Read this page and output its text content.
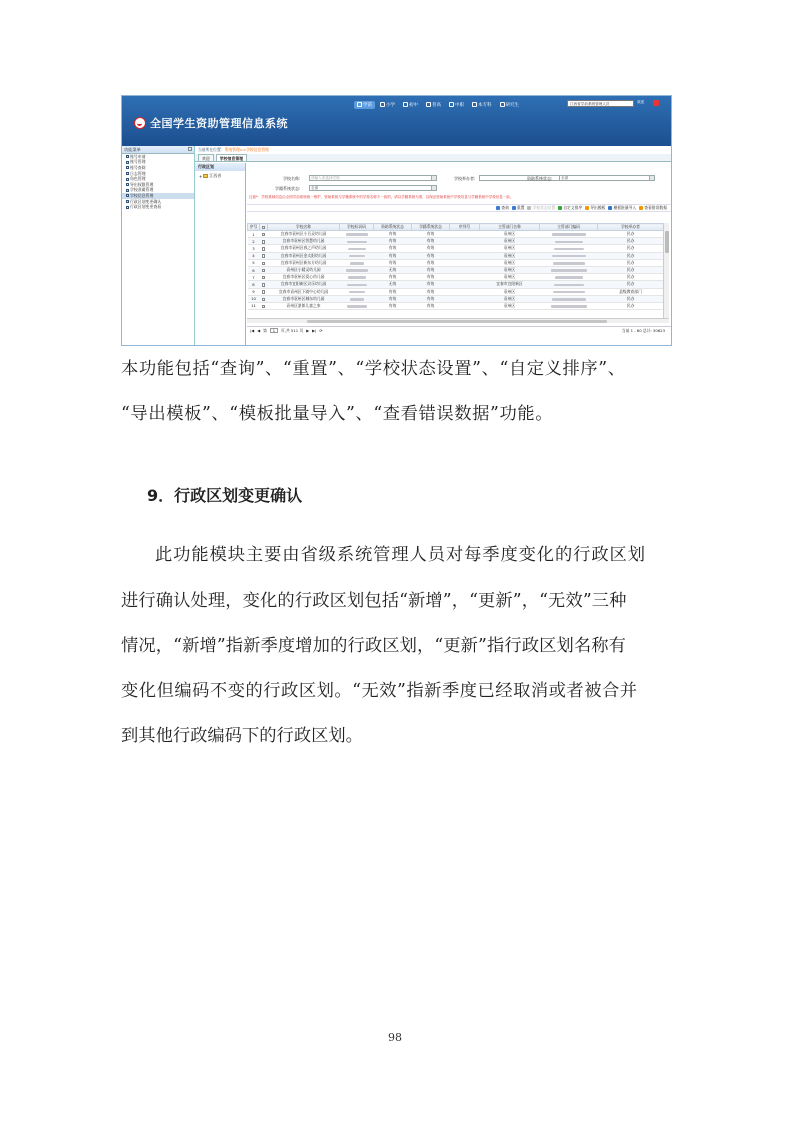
全国学生资助管理信息系统
学前	小学	初中	普高	中职	本专科	研究生	江西省学前系统管理人员	欢迎
功能菜单
账号申请
账号管理
账号查阅
日志管理
角色管理
导出权限管理
学校隶属管理
学校信息管理
行政区划变更确认
行政区划变更查看
当前所在位置：系统管理>>学校信息管理
欢迎	学校信息管理
行政区划
+ 江西省
学校名称:	请输入或选择学校	学校举办者:	资助系统状态:
学籍系统状态:	全部
注意*：学校基础信息由全国学前系统统一维护，资助系统与学籍系统中的学校名称不一致的，请以学籍系统为准，以保证资助系统中学校信息与学籍系统中学校信息一致。
查询 重置 学校状态设置 自定义排序 导出模板 模板批量导入 查看错误数据
序号		学校名称	学校标识码	资助系统状态	学籍系统状态	序列号	主管部门名称	主管部门编码	学校举办者
1		宜春市袁州区小百灵幼儿园		有效	有效		袁州区		民办
2		宜春市袁州区智慧幼儿园		有效	有效		袁州区		民办
3		宜春市袁州区春之声幼儿园		有效	有效		袁州区		民办
4		宜春市袁州区金太阳幼儿园		有效	有效		袁州区		民办
5		宜春市袁州区新东方幼儿园		有效	有效		袁州区		民办
6		袁州区小精灵幼儿园		无效	有效		袁州区		民办
7		宜春市袁州区爱心幼儿园		有效	有效		袁州区		民办
8		宜春市宜阳新区贝乐幼儿园		无效	有效		宜春市宜阳新区		民办
9		宜春市袁州区下浦中心幼儿园		有效	有效		袁州区		县级教育部门
10		宜春市袁州区城东幼儿园		有效	有效		袁州区		民办
11		袁州区湛郎儿童之家		有效	有效		袁州区		民办
|◀ ◀ 第	1	页,共 511 页 ▶ ▶| ⟳	当前 1 - 60 总计: 30623
全部
本功能包括“查询”、“重置”、“学校状态设置”、“自定义排序”、
“导出模板”、“模板批量导入”、“查看错误数据”功能。
9．行政区划变更确认
此功能模块主要由省级系统管理人员对每季度变化的行政区划
进行确认处理，变化的行政区划包括“新增”，“更新”，“无效”三种
情况，“新增”指新季度增加的行政区划，“更新”指行政区划名称有
变化但编码不变的行政区划。“无效”指新季度已经取消或者被合并
到其他行政编码下的行政区划。
98
